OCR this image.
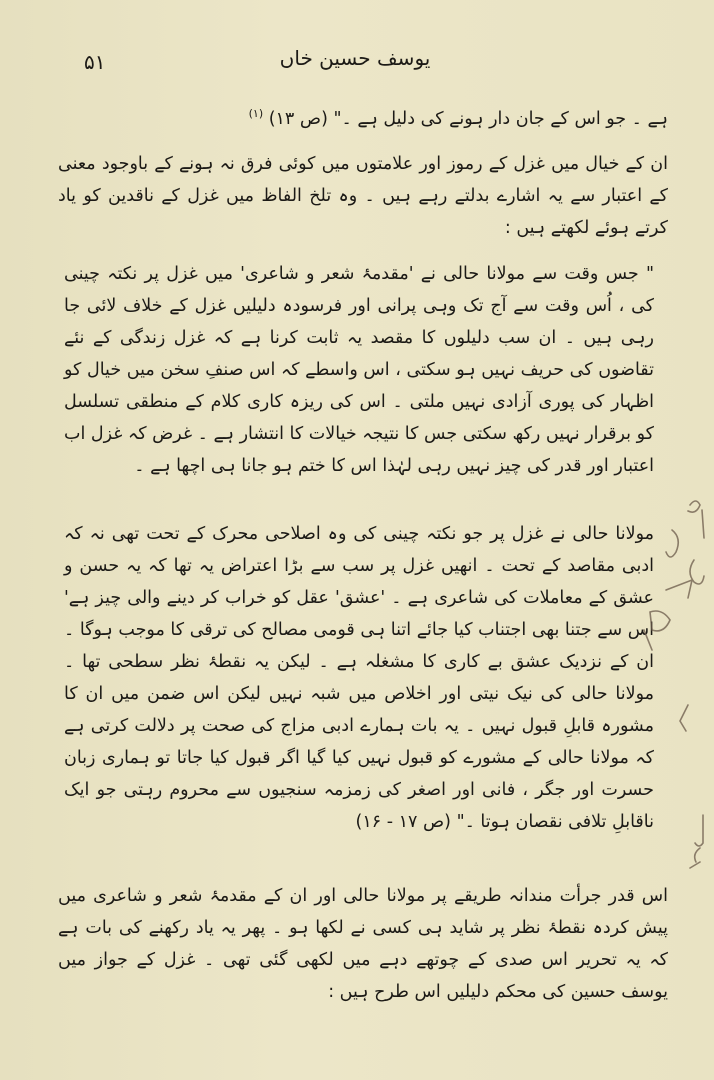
۵۱	یوسف حسین خاں

ہے ۔ جو اس کے جان دار ہونے کی دلیل ہے ۔" (ص ۱۳) $^{(۱)}$

ان کے خیال میں غزل کے رموز اور علامتوں میں کوئی فرق نہ ہونے کے باوجود معنی کے اعتبار سے یہ اشارے بدلتے رہے ہیں ۔ وہ تلخ الفاظ میں غزل کے ناقدین کو یاد کرتے ہوئے لکھتے ہیں :

" جس وقت سے مولانا حالی نے 'مقدمۂ شعر و شاعری' میں غزل پر نکتہ چینی کی ، اُس وقت سے آج تک وہی پرانی اور فرسودہ دلیلیں غزل کے خلاف لائی جا رہی ہیں ۔ ان سب دلیلوں کا مقصد یہ ثابت کرنا ہے کہ غزل زندگی کے نئے تقاضوں کی حریف نہیں ہو سکتی ، اس واسطے کہ اس صنفِ سخن میں خیال کو اظہار کی پوری آزادی نہیں ملتی ۔ اس کی ریزہ کاری کلام کے منطقی تسلسل کو برقرار نہیں رکھ سکتی جس کا نتیجہ خیالات کا انتشار ہے ۔ غرض کہ غزل اب اعتبار اور قدر کی چیز نہیں رہی لہٰذا اس کا ختم ہو جانا ہی اچھا ہے ۔

مولانا حالی نے غزل پر جو نکتہ چینی کی وہ اصلاحی محرک کے تحت تھی نہ کہ ادبی مقاصد کے تحت ۔ انھیں غزل پر سب سے بڑا اعتراض یہ تھا کہ یہ حسن و عشق کے معاملات کی شاعری ہے ۔ 'عشق' عقل کو خراب کر دینے والی چیز ہے' اس سے جتنا بھی اجتناب کیا جائے اتنا ہی قومی مصالح کی ترقی کا موجب ہوگا ۔ ان کے نزدیک عشق بے کاری کا مشغلہ ہے ۔ لیکن یہ نقطۂ نظر سطحی تھا ۔ مولانا حالی کی نیک نیتی اور اخلاص میں شبہ نہیں لیکن اس ضمن میں ان کا مشورہ قابلِ قبول نہیں ۔ یہ بات ہمارے ادبی مزاج کی صحت پر دلالت کرتی ہے کہ مولانا حالی کے مشورے کو قبول نہیں کیا گیا اگر قبول کیا جاتا تو ہماری زبان حسرت اور جگر ، فانی اور اصغر کی زمزمہ سنجیوں سے محروم رہتی جو ایک ناقابلِ تلافی نقصان ہوتا ۔" (ص ۱۷ - ۱۶)

اس قدر جرأت مندانہ طریقے پر مولانا حالی اور ان کے مقدمۂ شعر و شاعری میں پیش کردہ نقطۂ نظر پر شاید ہی کسی نے لکھا ہو ۔ پھر یہ یاد رکھنے کی بات ہے کہ یہ تحریر اس صدی کے چوتھے دہے میں لکھی گئی تھی ۔ غزل کے جواز میں یوسف حسین کی محکم دلیلیں اس طرح ہیں :
